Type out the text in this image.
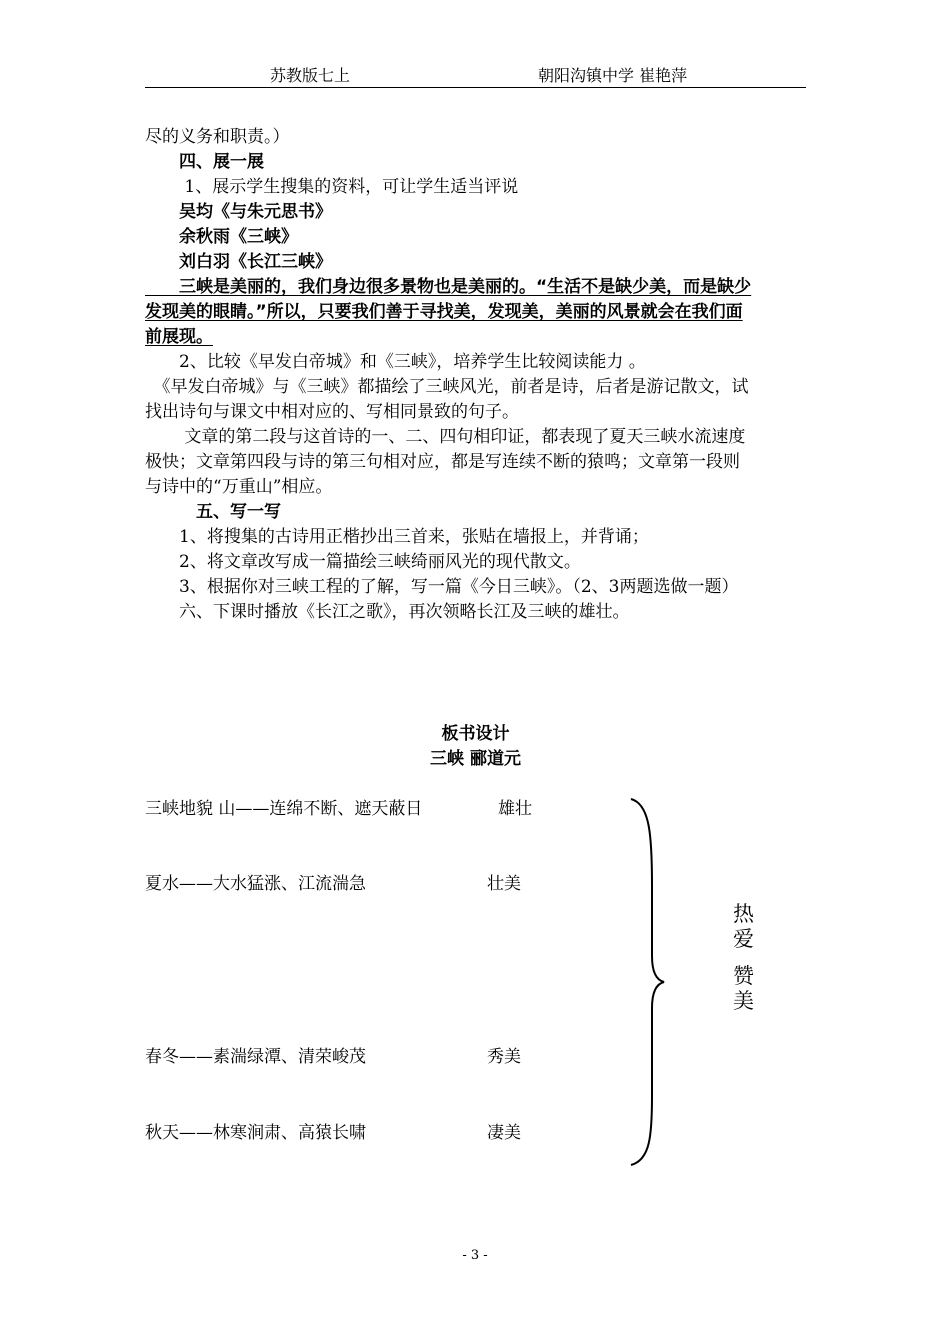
苏教版七上	朝阳沟镇中学 崔艳萍
尽的义务和职责。）
　　四、展一展
　　 1、展示学生搜集的资料，可让学生适当评说
　　吴均《与朱元思书》
　　余秋雨《三峡》
　　刘白羽《长江三峡》
　　三峡是美丽的，我们身边很多景物也是美丽的。“生活不是缺少美，而是缺少
发现美的眼睛。”所以，只要我们善于寻找美，发现美，美丽的风景就会在我们面
前展现。
　　2、比较《早发白帝城》和《三峡》，培养学生比较阅读能力 。
　《早发白帝城》与《三峡》都描绘了三峡风光，前者是诗，后者是游记散文，试
找出诗句与课文中相对应的、写相同景致的句子。
　　 文章的第二段与这首诗的一、二、四句相印证，都表现了夏天三峡水流速度
极快；文章第四段与诗的第三句相对应，都是写连续不断的猿鸣；文章第一段则
与诗中的“万重山”相应。
　　　五、写一写
　　1、将搜集的古诗用正楷抄出三首来，张贴在墙报上，并背诵；
　　2、将文章改写成一篇描绘三峡绮丽风光的现代散文。
　　3、根据你对三峡工程的了解，写一篇《今日三峡》。（2、3两题选做一题）
　　六、下课时播放《长江之歌》，再次领略长江及三峡的雄壮。
板书设计
三峡 郦道元
三峡地貌 山——连绵不断、遮天蔽日	雄壮
夏水——大水猛涨、江流湍急	壮美
春冬——素湍绿潭、清荣峻茂	秀美
秋天——林寒涧肃、高猿长啸	凄美
热
爱
赞
美
- 3 -
